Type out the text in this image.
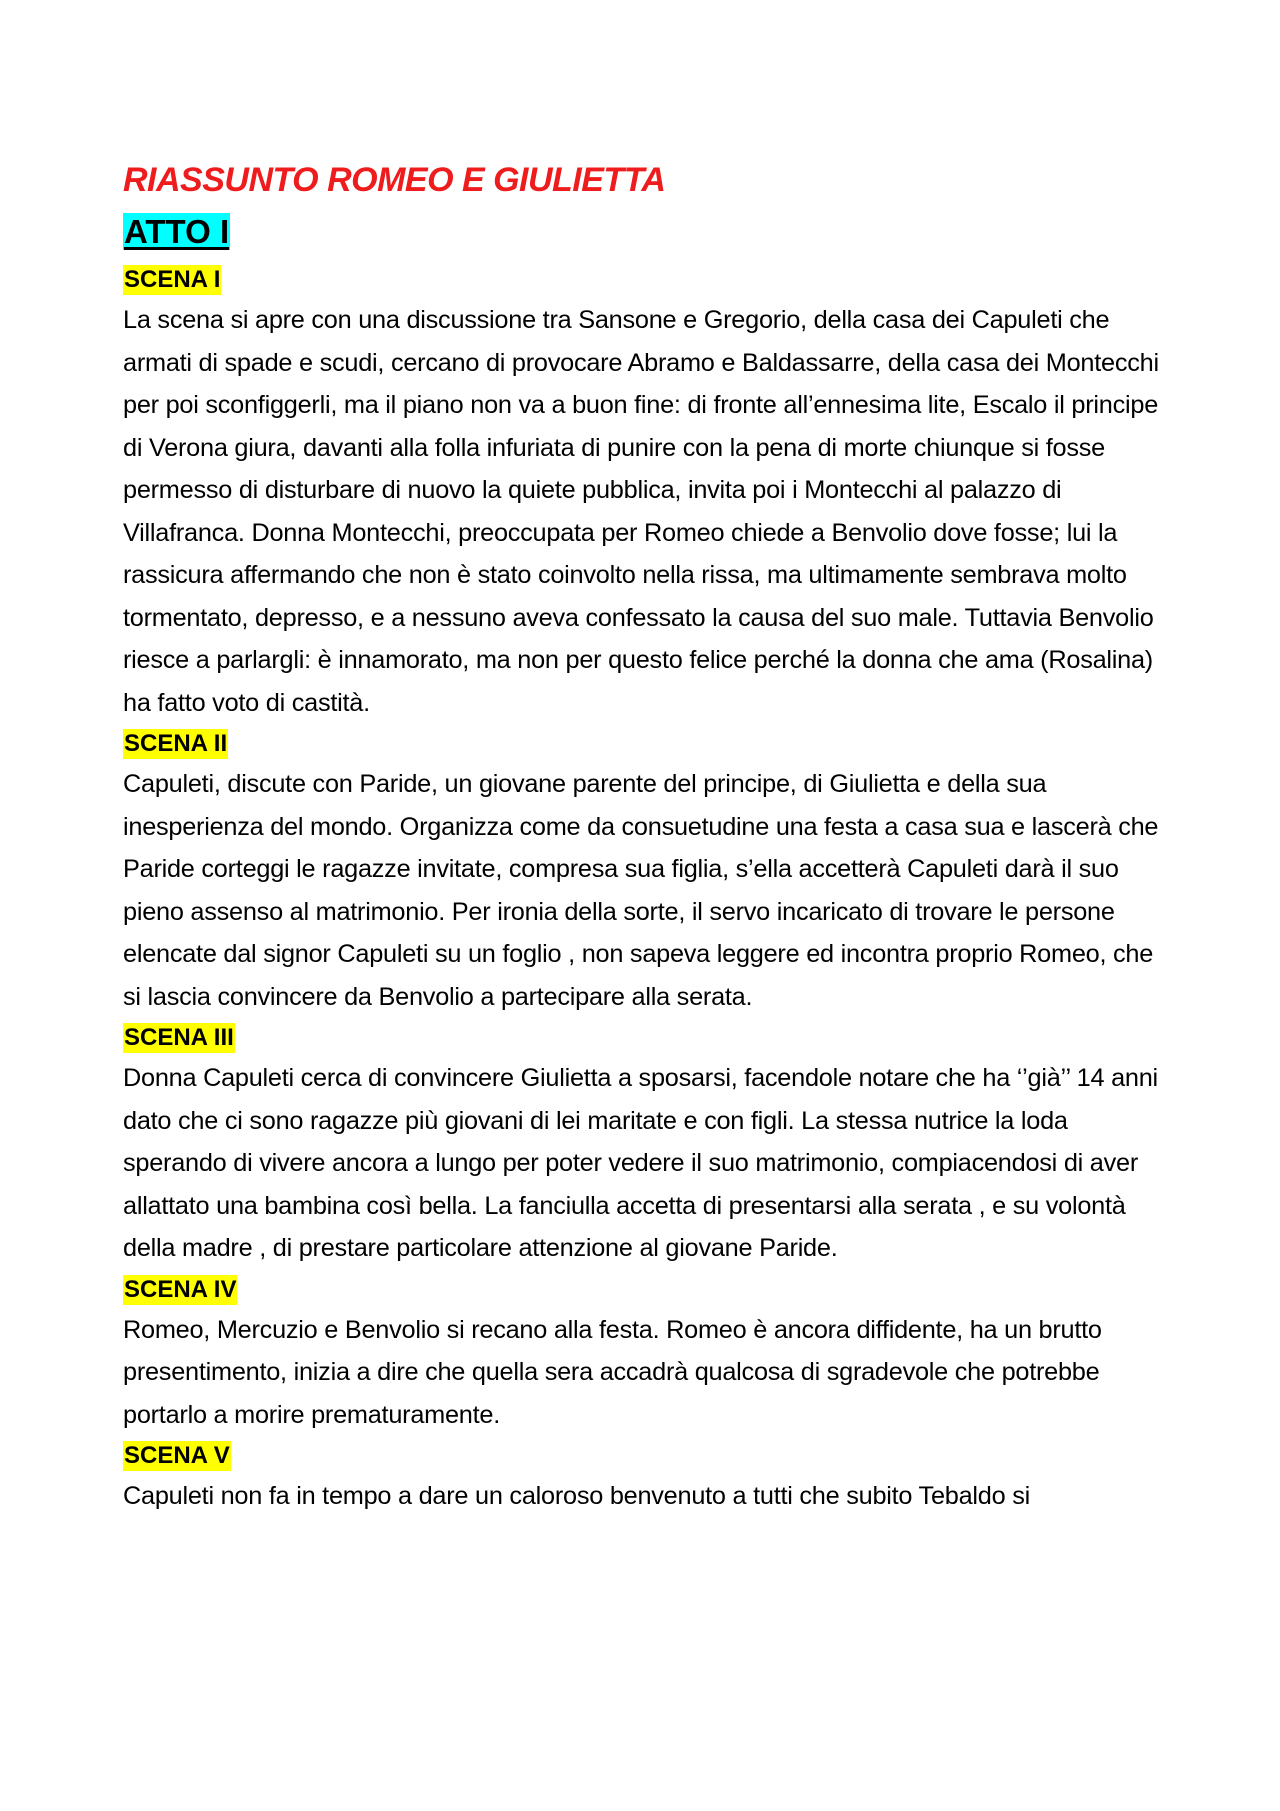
RIASSUNTO ROMEO E GIULIETTA
ATTO I
SCENA I

La scena si apre con una discussione tra Sansone e Gregorio, della casa dei Capuleti che armati di spade e scudi, cercano di provocare Abramo e Baldassarre, della casa dei Montecchi per poi sconfiggerli, ma il piano non va a buon fine: di fronte all’ennesima lite, Escalo il principe di Verona giura, davanti alla folla infuriata di punire con la pena di morte chiunque si fosse permesso di disturbare di nuovo la quiete pubblica, invita poi i Montecchi al palazzo di Villafranca. Donna Montecchi, preoccupata per Romeo chiede a Benvolio dove fosse; lui la rassicura affermando che non è stato coinvolto nella rissa, ma ultimamente sembrava molto tormentato, depresso, e a nessuno aveva confessato la causa del suo male. Tuttavia Benvolio riesce a parlargli: è innamorato, ma non per questo felice perché la donna che ama (Rosalina) ha fatto voto di castità.

SCENA II

Capuleti, discute con Paride, un giovane parente del principe, di Giulietta e della sua inesperienza del mondo. Organizza come da consuetudine una festa a casa sua e lascerà che Paride corteggi le ragazze invitate, compresa sua figlia, s’ella accetterà Capuleti darà il suo pieno assenso al matrimonio. Per ironia della sorte, il servo incaricato di trovare le persone elencate dal signor Capuleti su un foglio , non sapeva leggere ed incontra proprio Romeo, che si lascia convincere da Benvolio a partecipare alla serata.

SCENA III

Donna Capuleti cerca di convincere Giulietta a sposarsi, facendole notare che ha ‘’già’’ 14 anni dato che ci sono ragazze più giovani di lei maritate e con figli. La stessa nutrice la loda sperando di vivere ancora a lungo per poter vedere il suo matrimonio, compiacendosi di aver allattato una bambina così bella. La fanciulla accetta di presentarsi alla serata , e su volontà della madre , di prestare particolare attenzione al giovane Paride.

SCENA IV

Romeo, Mercuzio e Benvolio si recano alla festa. Romeo è ancora diffidente, ha un brutto presentimento, inizia a dire che quella sera accadrà qualcosa di sgradevole che potrebbe portarlo a morire prematuramente.

SCENA V

Capuleti non fa in tempo a dare un caloroso benvenuto a tutti che subito Tebaldo si
